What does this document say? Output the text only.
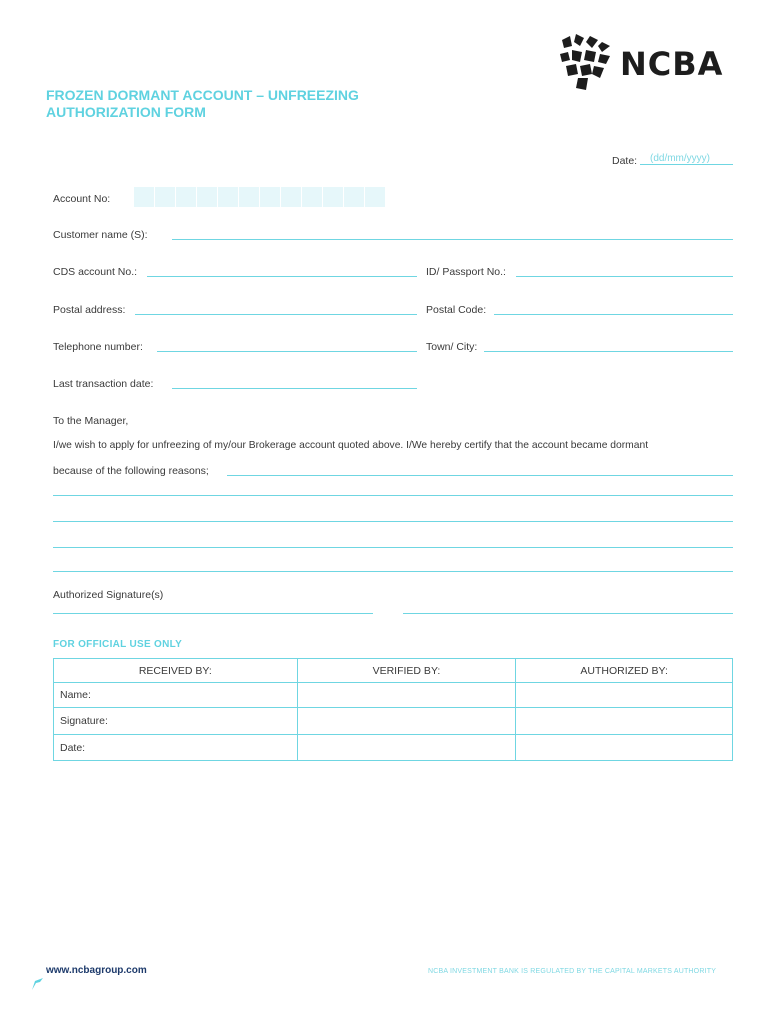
FROZEN DORMANT ACCOUNT – UNFREEZING
AUTHORIZATION FORM
NCBA
Date: (dd/mm/yyyy)
Account No:
Customer name (S):
CDS account No.:	ID/ Passport No.:
Postal address:	Postal Code:
Telephone number:	Town/ City:
Last transaction date:
To the Manager,
I/we wish to apply for unfreezing of my/our Brokerage account quoted above. I/We hereby certify that the account became dormant
because of the following reasons;
Authorized Signature(s)
FOR OFFICIAL USE ONLY
RECEIVED BY:	VERIFIED BY:	AUTHORIZED BY:
Name:		
Signature:		
Date:		
www.ncbagroup.com	NCBA INVESTMENT BANK IS REGULATED BY THE CAPITAL MARKETS AUTHORITY
